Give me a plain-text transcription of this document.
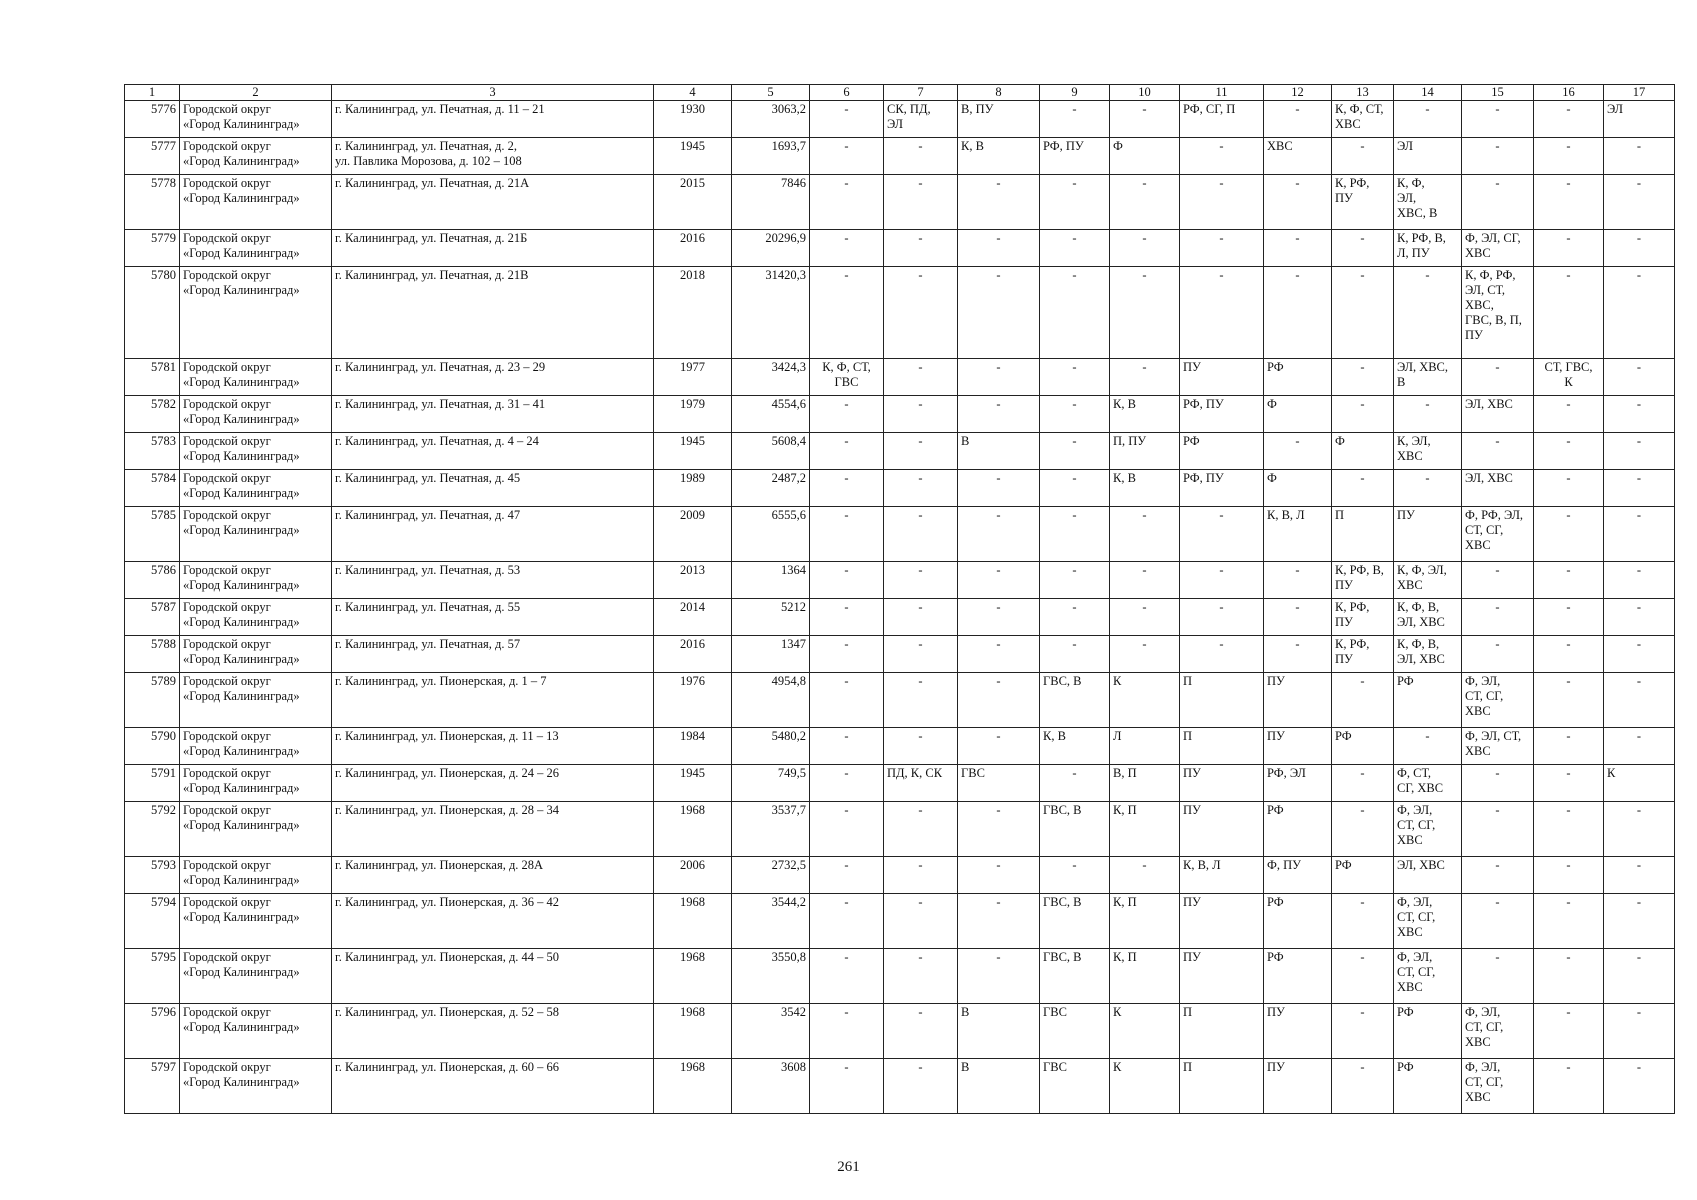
1	2	3	4	5	6	7	8	9	10	11	12	13	14	15	16	17
5776	Городской округ
«Город Калининград»	г. Калининград, ул. Печатная, д. 11 – 21	1930	3063,2	-	СК, ПД,
ЭЛ	В, ПУ	-	-	РФ, СГ, П	-	К, Ф, СТ,
ХВС	-	-	-	ЭЛ
5777	Городской округ
«Город Калининград»	г. Калининград, ул. Печатная, д. 2,
ул. Павлика Морозова, д. 102 – 108	1945	1693,7	-	-	К, В	РФ, ПУ	Ф	-	ХВС	-	ЭЛ	-	-	-
5778	Городской округ
«Город Калининград»	г. Калининград, ул. Печатная, д. 21А	2015	7846	-	-	-	-	-	-	-	К, РФ,
ПУ	К, Ф,
ЭЛ,
ХВС, В	-	-	-
5779	Городской округ
«Город Калининград»	г. Калининград, ул. Печатная, д. 21Б	2016	20296,9	-	-	-	-	-	-	-	-	К, РФ, В,
Л, ПУ	Ф, ЭЛ, СГ,
ХВС	-	-
5780	Городской округ
«Город Калининград»	г. Калининград, ул. Печатная, д. 21В	2018	31420,3	-	-	-	-	-	-	-	-	-	К, Ф, РФ,
ЭЛ, СТ,
ХВС,
ГВС, В, П,
ПУ	-	-
5781	Городской округ
«Город Калининград»	г. Калининград, ул. Печатная, д. 23 – 29	1977	3424,3	К, Ф, СТ,
ГВС	-	-	-	-	ПУ	РФ	-	ЭЛ, ХВС,
В	-	СТ, ГВС,
К	-
5782	Городской округ
«Город Калининград»	г. Калининград, ул. Печатная, д. 31 – 41	1979	4554,6	-	-	-	-	К, В	РФ, ПУ	Ф	-	-	ЭЛ, ХВС	-	-
5783	Городской округ
«Город Калининград»	г. Калининград, ул. Печатная, д. 4 – 24	1945	5608,4	-	-	В	-	П, ПУ	РФ	-	Ф	К, ЭЛ,
ХВС	-	-	-
5784	Городской округ
«Город Калининград»	г. Калининград, ул. Печатная, д. 45	1989	2487,2	-	-	-	-	К, В	РФ, ПУ	Ф	-	-	ЭЛ, ХВС	-	-
5785	Городской округ
«Город Калининград»	г. Калининград, ул. Печатная, д. 47	2009	6555,6	-	-	-	-	-	-	К, В, Л	П	ПУ	Ф, РФ, ЭЛ,
СТ, СГ,
ХВС	-	-
5786	Городской округ
«Город Калининград»	г. Калининград, ул. Печатная, д. 53	2013	1364	-	-	-	-	-	-	-	К, РФ, В,
ПУ	К, Ф, ЭЛ,
ХВС	-	-	-
5787	Городской округ
«Город Калининград»	г. Калининград, ул. Печатная, д. 55	2014	5212	-	-	-	-	-	-	-	К, РФ,
ПУ	К, Ф, В,
ЭЛ, ХВС	-	-	-
5788	Городской округ
«Город Калининград»	г. Калининград, ул. Печатная, д. 57	2016	1347	-	-	-	-	-	-	-	К, РФ,
ПУ	К, Ф, В,
ЭЛ, ХВС	-	-	-
5789	Городской округ
«Город Калининград»	г. Калининград, ул. Пионерская, д. 1 – 7	1976	4954,8	-	-	-	ГВС, В	К	П	ПУ	-	РФ	Ф, ЭЛ,
СТ, СГ,
ХВС	-	-
5790	Городской округ
«Город Калининград»	г. Калининград, ул. Пионерская, д. 11 – 13	1984	5480,2	-	-	-	К, В	Л	П	ПУ	РФ	-	Ф, ЭЛ, СТ,
ХВС	-	-
5791	Городской округ
«Город Калининград»	г. Калининград, ул. Пионерская, д. 24 – 26	1945	749,5	-	ПД, К, СК	ГВС	-	В, П	ПУ	РФ, ЭЛ	-	Ф, СТ,
СГ, ХВС	-	-	К
5792	Городской округ
«Город Калининград»	г. Калининград, ул. Пионерская, д. 28 – 34	1968	3537,7	-	-	-	ГВС, В	К, П	ПУ	РФ	-	Ф, ЭЛ,
СТ, СГ,
ХВС	-	-	-
5793	Городской округ
«Город Калининград»	г. Калининград, ул. Пионерская, д. 28А	2006	2732,5	-	-	-	-	-	К, В, Л	Ф, ПУ	РФ	ЭЛ, ХВС	-	-	-
5794	Городской округ
«Город Калининград»	г. Калининград, ул. Пионерская, д. 36 – 42	1968	3544,2	-	-	-	ГВС, В	К, П	ПУ	РФ	-	Ф, ЭЛ,
СТ, СГ,
ХВС	-	-	-
5795	Городской округ
«Город Калининград»	г. Калининград, ул. Пионерская, д. 44 – 50	1968	3550,8	-	-	-	ГВС, В	К, П	ПУ	РФ	-	Ф, ЭЛ,
СТ, СГ,
ХВС	-	-	-
5796	Городской округ
«Город Калининград»	г. Калининград, ул. Пионерская, д. 52 – 58	1968	3542	-	-	В	ГВС	К	П	ПУ	-	РФ	Ф, ЭЛ,
СТ, СГ,
ХВС	-	-
5797	Городской округ
«Город Калининград»	г. Калининград, ул. Пионерская, д. 60 – 66	1968	3608	-	-	В	ГВС	К	П	ПУ	-	РФ	Ф, ЭЛ,
СТ, СГ,
ХВС	-	-
261
